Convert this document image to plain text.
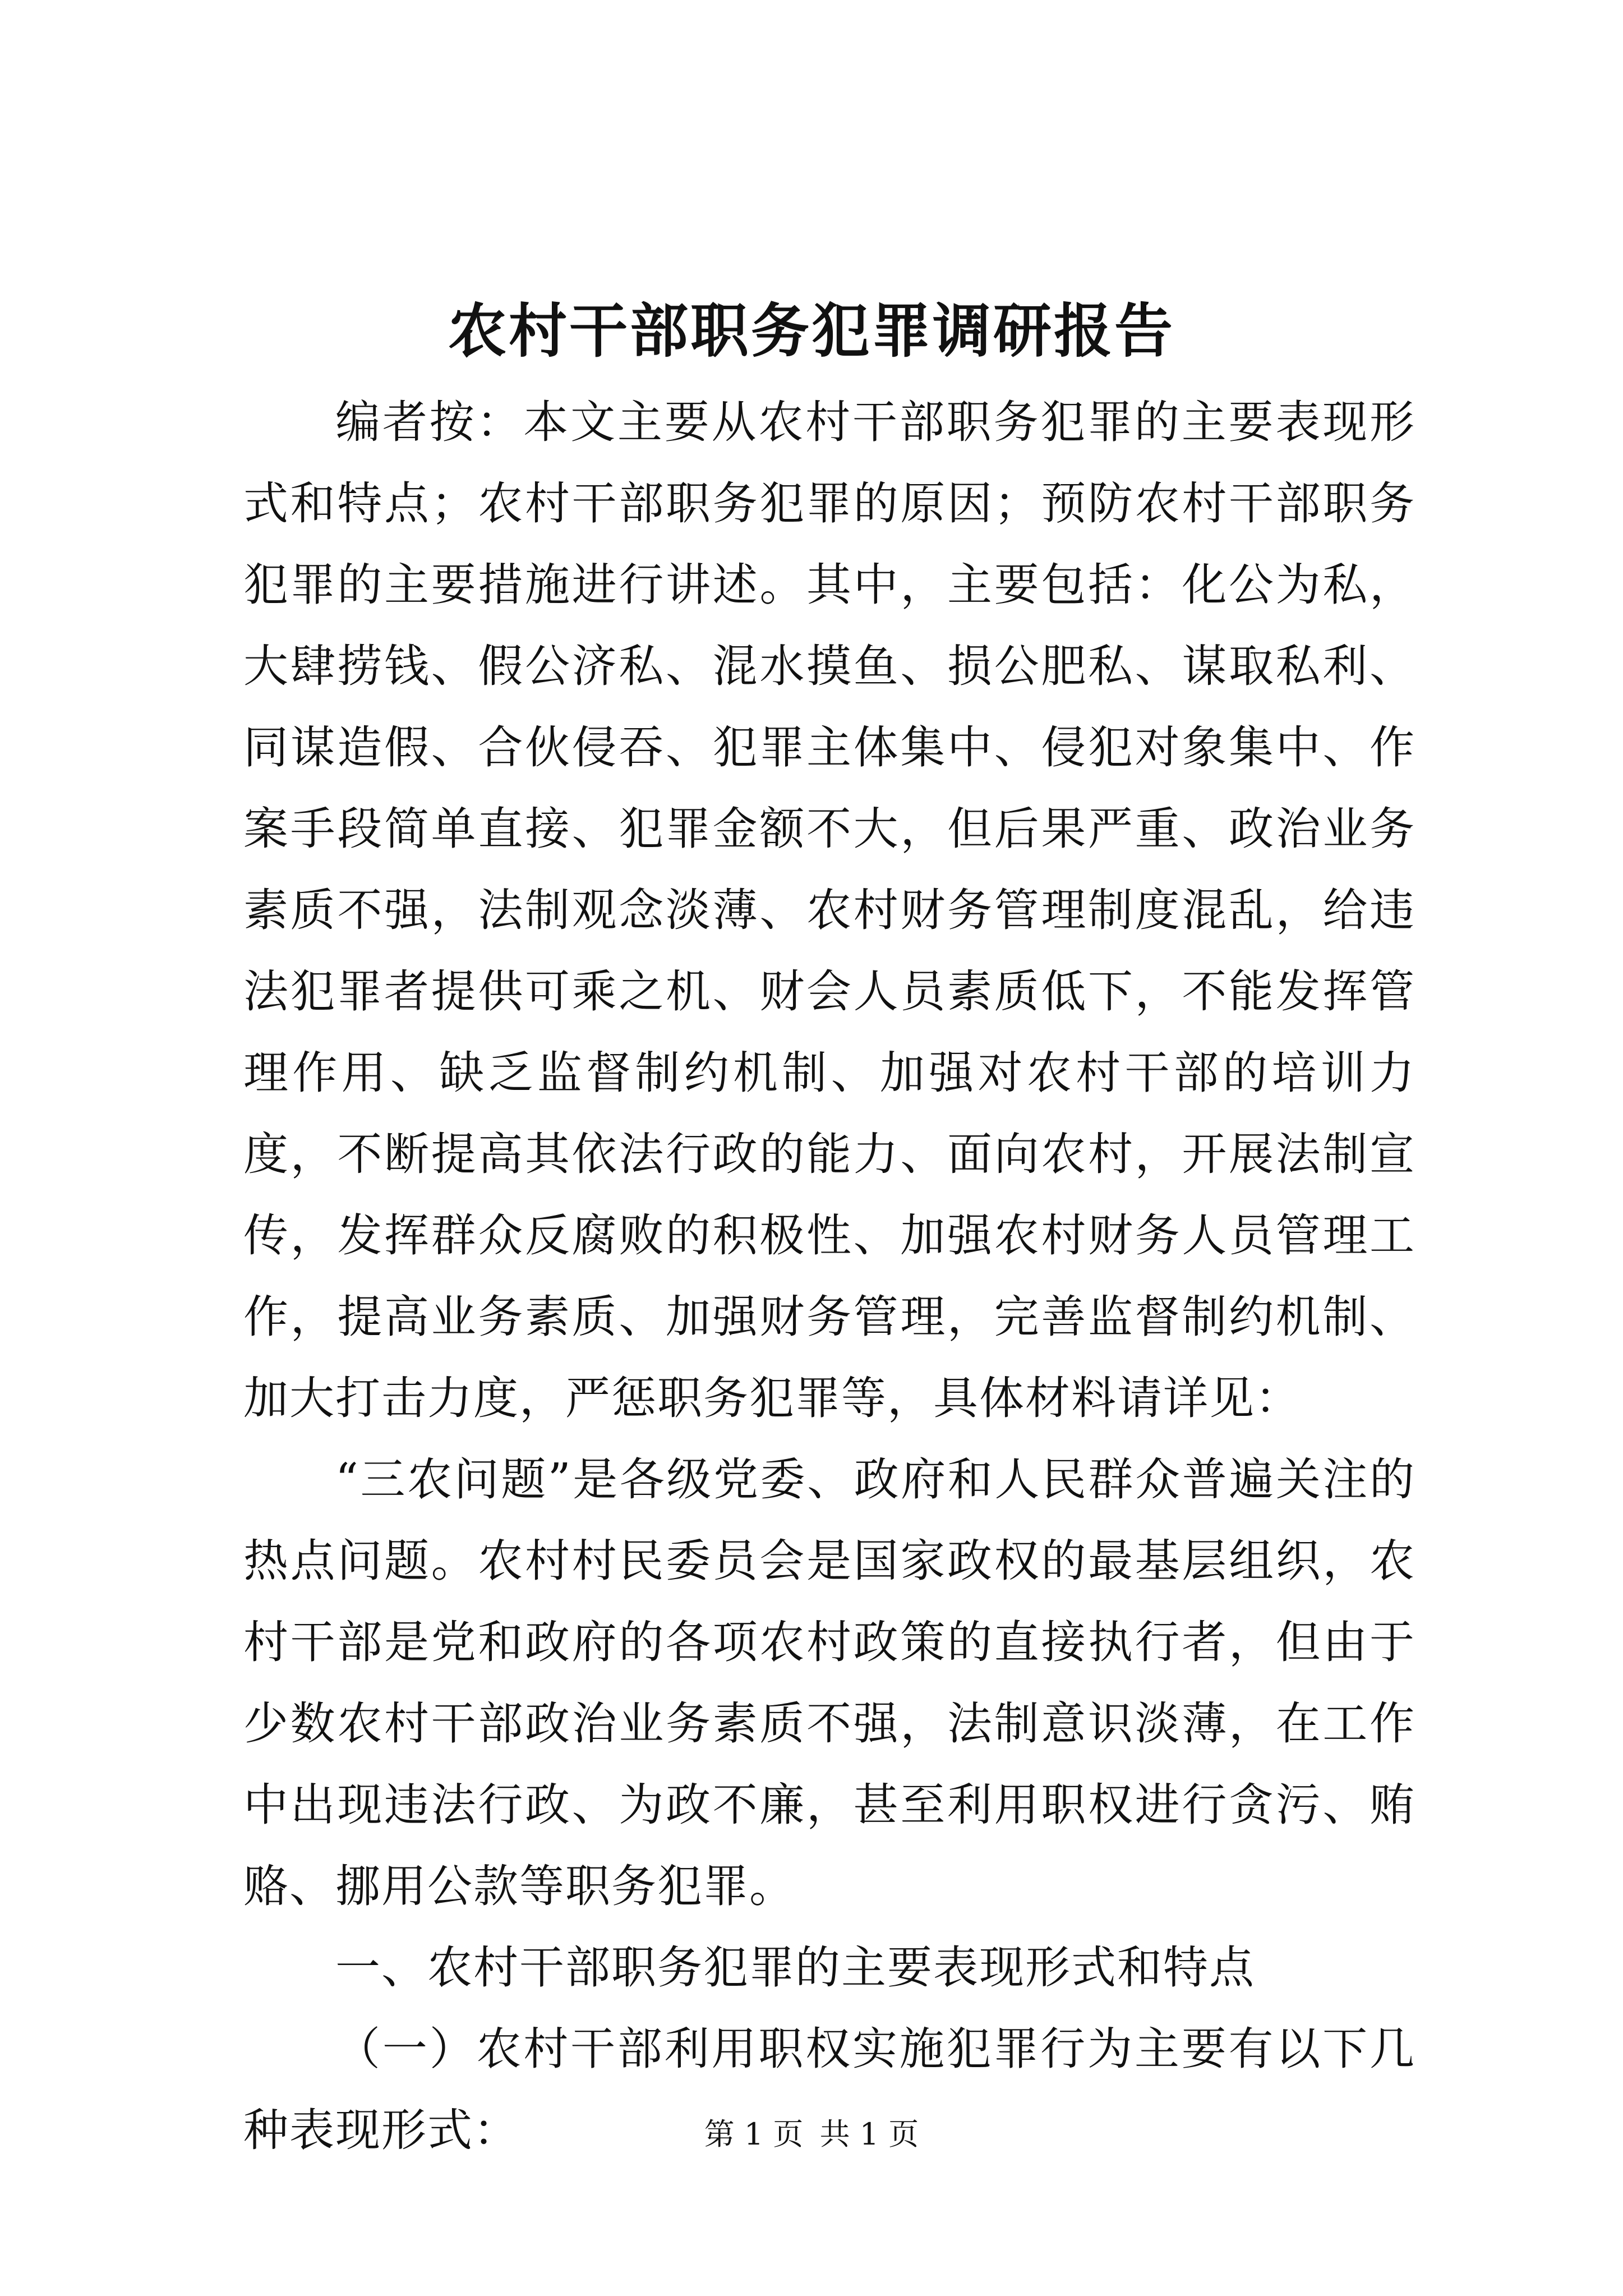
农村干部职务犯罪调研报告

编者按：本文主要从农村干部职务犯罪的主要表现形式和特点；农村干部职务犯罪的原因；预防农村干部职务犯罪的主要措施进行讲述。其中，主要包括：化公为私，大肆捞钱、假公济私、混水摸鱼、损公肥私、谋取私利、同谋造假、合伙侵吞、犯罪主体集中、侵犯对象集中、作案手段简单直接、犯罪金额不大，但后果严重、政治业务素质不强，法制观念淡薄、农村财务管理制度混乱，给违法犯罪者提供可乘之机、财会人员素质低下，不能发挥管理作用、缺乏监督制约机制、加强对农村干部的培训力度，不断提高其依法行政的能力、面向农村，开展法制宣传，发挥群众反腐败的积极性、加强农村财务人员管理工作，提高业务素质、加强财务管理，完善监督制约机制、加大打击力度，严惩职务犯罪等，具体材料请详见：

“三农问题”是各级党委、政府和人民群众普遍关注的热点问题。农村村民委员会是国家政权的最基层组织，农村干部是党和政府的各项农村政策的直接执行者，但由于少数农村干部政治业务素质不强，法制意识淡薄，在工作中出现违法行政、为政不廉，甚至利用职权进行贪污、贿赂、挪用公款等职务犯罪。

一、农村干部职务犯罪的主要表现形式和特点

（一）农村干部利用职权实施犯罪行为主要有以下几种表现形式：	第 1 页 共 1 页
